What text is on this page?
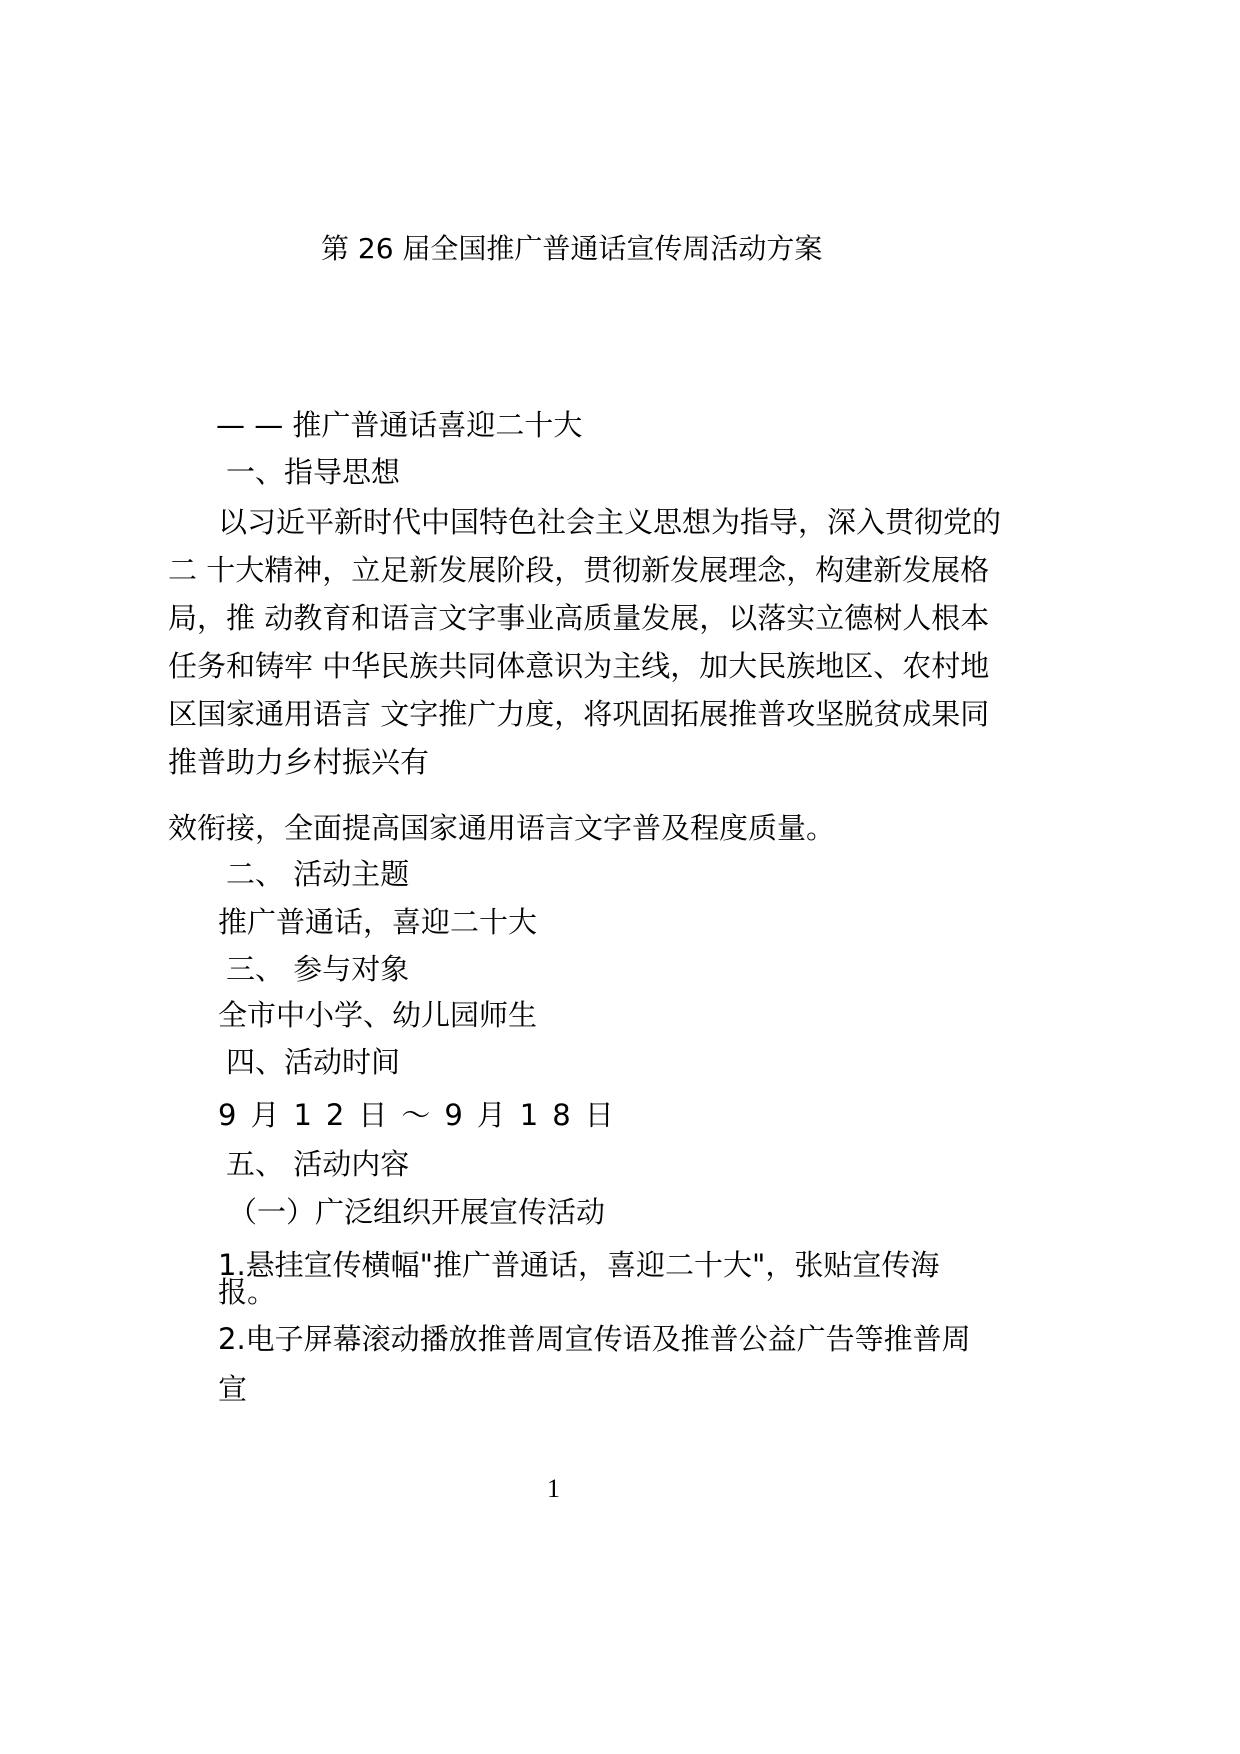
第 26 届全国推广普通话宣传周活动方案
— — 推广普通话喜迎二十大
一、指导思想
以习近平新时代中国特色社会主义思想为指导，深入贯彻党的
二 十大精神，立足新发展阶段，贯彻新发展理念，构建新发展格
局，推 动教育和语言文字事业高质量发展，以落实立德树人根本
任务和铸牢 中华民族共同体意识为主线，加大民族地区、农村地
区国家通用语言 文字推广力度，将巩固拓展推普攻坚脱贫成果同
推普助力乡村振兴有
效衔接，全面提高国家通用语言文字普及程度质量。
二、 活动主题
推广普通话，喜迎二十大
三、 参与对象
全市中小学、幼儿园师生
四、活动时间
9月12日～9月18日
五、 活动内容
（一）广泛组织开展宣传活动
1.悬挂宣传横幅"推广普通话，喜迎二十大"，张贴宣传海
报。
2.电子屏幕滚动播放推普周宣传语及推普公益广告等推普周
宣
1
